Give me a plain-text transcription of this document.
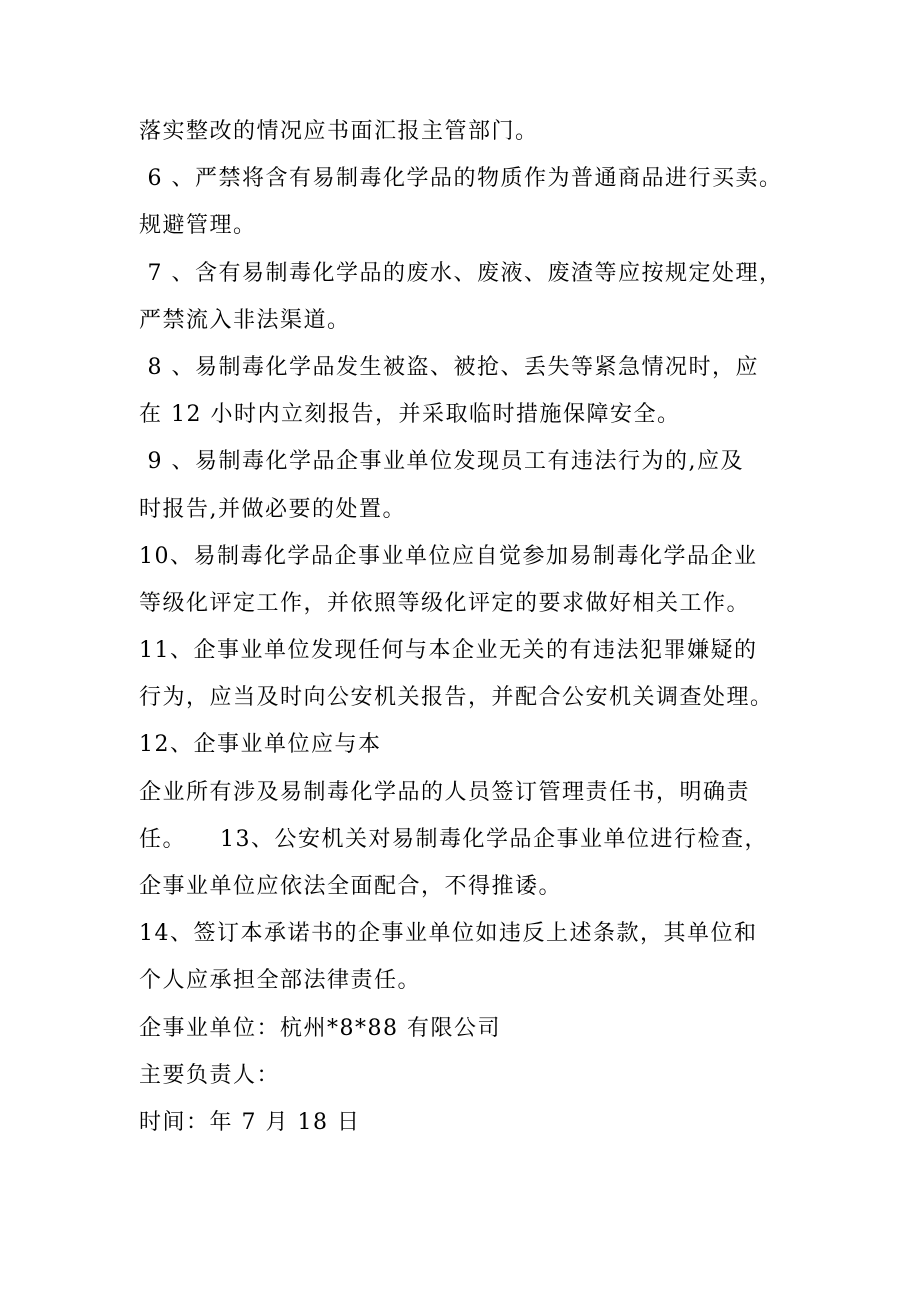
落实整改的情况应书面汇报主管部门。
6 、严禁将含有易制毒化学品的物质作为普通商品进行买卖。
规避管理。
7 、含有易制毒化学品的废水、废液、废渣等应按规定处理，
严禁流入非法渠道。
8 、易制毒化学品发生被盗、被抢、丢失等紧急情况时，应
在 12 小时内立刻报告，并采取临时措施保障安全。
9 、易制毒化学品企事业单位发现员工有违法行为的,应及
时报告,并做必要的处置。
10、易制毒化学品企事业单位应自觉参加易制毒化学品企业
等级化评定工作，并依照等级化评定的要求做好相关工作。
11、企事业单位发现任何与本企业无关的有违法犯罪嫌疑的
行为，应当及时向公安机关报告，并配合公安机关调查处理。
12、企事业单位应与本
企业所有涉及易制毒化学品的人员签订管理责任书，明确责
任。    13、公安机关对易制毒化学品企事业单位进行检查，
企事业单位应依法全面配合，不得推诿。
14、签订本承诺书的企事业单位如违反上述条款，其单位和
个人应承担全部法律责任。
企事业单位：杭州*8*88 有限公司
主要负责人：
时间：年 7 月 18 日
